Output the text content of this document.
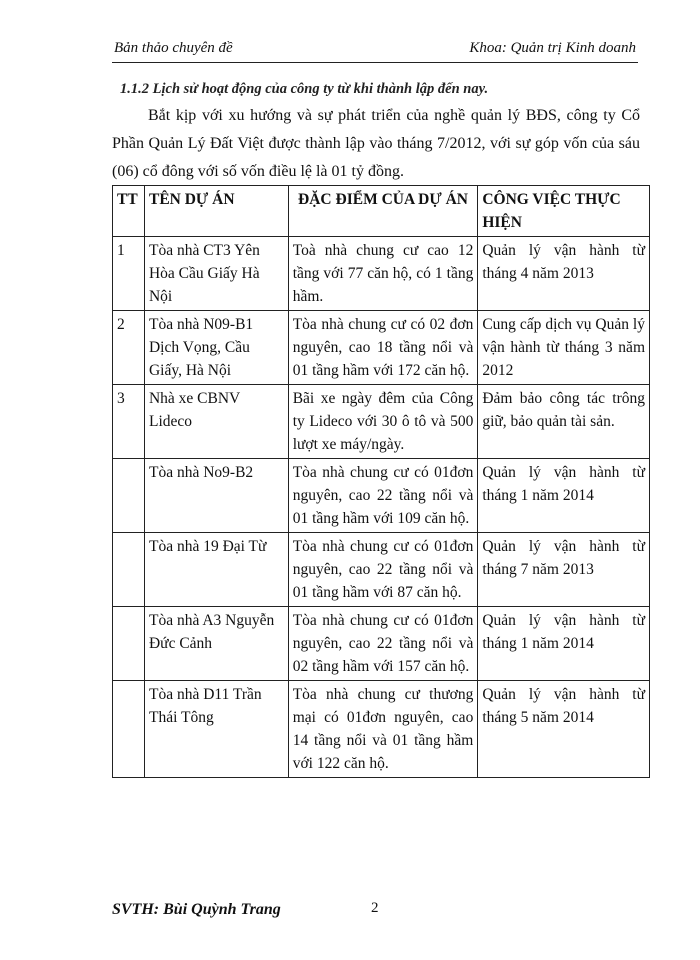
Bản thảo chuyên đề	Khoa: Quản trị Kinh doanh
1.1.2 Lịch sử hoạt động của công ty từ khi thành lập đến nay.
Bắt kịp với xu hướng và sự phát triển của nghề quản lý BĐS, công ty Cổ Phần Quản Lý Đất Việt được thành lập vào tháng 7/2012, với sự góp vốn của sáu (06) cổ đông với số vốn điều lệ là 01 tỷ đồng.
TT	TÊN DỰ ÁN	ĐẶC ĐIỂM CỦA DỰ ÁN	CÔNG VIỆC THỰC HIỆN
1	Tòa nhà CT3 Yên Hòa Cầu Giấy Hà Nội	Toà nhà chung cư cao 12 tầng với 77 căn hộ, có 1 tầng hầm.	Quản lý vận hành từ tháng 4 năm 2013
2	Tòa nhà N09-B1 Dịch Vọng, Cầu Giấy, Hà Nội	Tòa nhà chung cư có 02 đơn nguyên, cao 18 tầng nổi và 01 tầng hầm với 172 căn hộ.	Cung cấp dịch vụ Quản lý vận hành từ tháng 3 năm 2012
3	Nhà xe CBNV Lideco	Bãi xe ngày đêm của Công ty Lideco với 30 ô tô và 500 lượt xe máy/ngày.	Đảm bảo công tác trông giữ, bảo quản tài sản.
	Tòa nhà No9-B2	Tòa nhà chung cư có 01đơn nguyên, cao 22 tầng nổi và 01 tầng hầm với 109 căn hộ.	Quản lý vận hành từ tháng 1 năm 2014
	Tòa nhà 19 Đại Từ	Tòa nhà chung cư có 01đơn nguyên, cao 22 tầng nổi và 01 tầng hầm với 87 căn hộ.	Quản lý vận hành từ tháng 7 năm 2013
	Tòa nhà A3 Nguyễn Đức Cảnh	Tòa nhà chung cư có 01đơn nguyên, cao 22 tầng nổi và 02 tầng hầm với 157 căn hộ.	Quản lý vận hành từ tháng 1 năm 2014
	Tòa nhà D11 Trần Thái Tông	Tòa nhà chung cư thương mại có 01đơn nguyên, cao 14 tầng nổi và 01 tầng hầm với 122 căn hộ.	Quản lý vận hành từ tháng 5 năm 2014
SVTH: Bùi Quỳnh Trang	2
